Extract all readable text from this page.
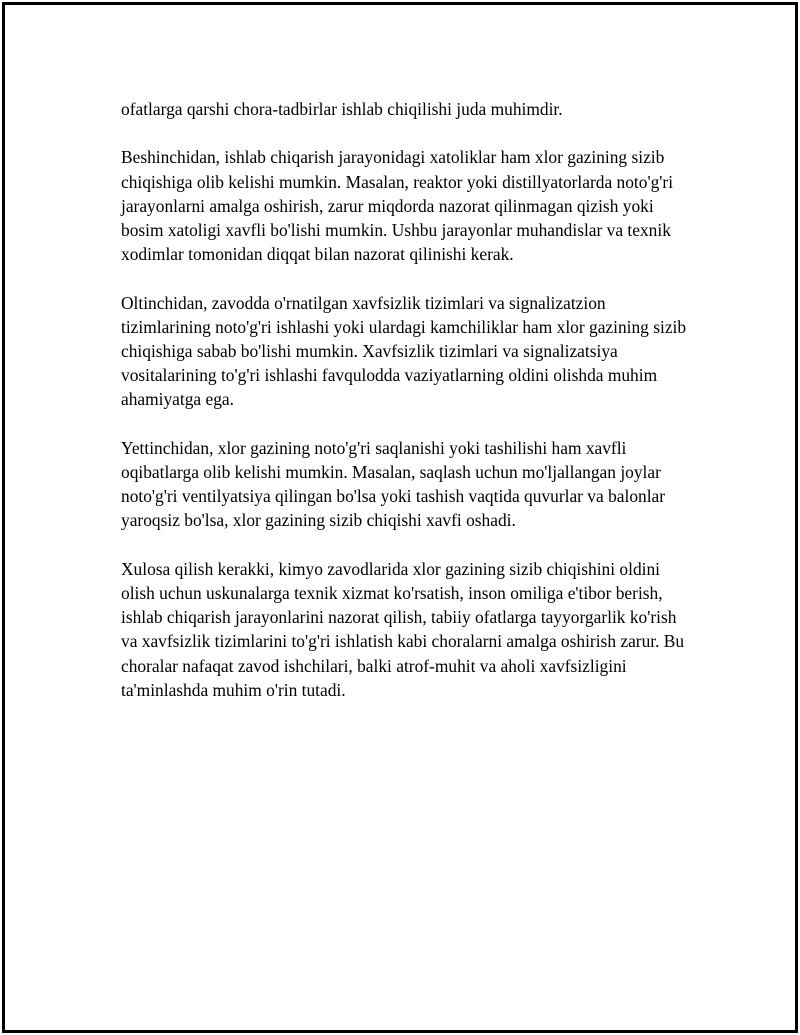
ofatlarga qarshi chora-tadbirlar ishlab chiqilishi juda muhimdir.

Beshinchidan, ishlab chiqarish jarayonidagi xatoliklar ham xlor gazining sizib chiqishiga olib kelishi mumkin. Masalan, reaktor yoki distillyatorlarda noto'g'ri jarayonlarni amalga oshirish, zarur miqdorda nazorat qilinmagan qizish yoki bosim xatoligi xavfli bo'lishi mumkin. Ushbu jarayonlar muhandislar va texnik xodimlar tomonidan diqqat bilan nazorat qilinishi kerak.

Oltinchidan, zavodda o'rnatilgan xavfsizlik tizimlari va signalizatzion tizimlarining noto'g'ri ishlashi yoki ulardagi kamchiliklar ham xlor gazining sizib chiqishiga sabab bo'lishi mumkin. Xavfsizlik tizimlari va signalizatsiya vositalarining to'g'ri ishlashi favqulodda vaziyatlarning oldini olishda muhim ahamiyatga ega.

Yettinchidan, xlor gazining noto'g'ri saqlanishi yoki tashilishi ham xavfli oqibatlarga olib kelishi mumkin. Masalan, saqlash uchun mo'ljallangan joylar noto'g'ri ventilyatsiya qilingan bo'lsa yoki tashish vaqtida quvurlar va balonlar yaroqsiz bo'lsa, xlor gazining sizib chiqishi xavfi oshadi.

Xulosa qilish kerakki, kimyo zavodlarida xlor gazining sizib chiqishini oldini olish uchun uskunalarga texnik xizmat ko'rsatish, inson omiliga e'tibor berish, ishlab chiqarish jarayonlarini nazorat qilish, tabiiy ofatlarga tayyorgarlik ko'rish va xavfsizlik tizimlarini to'g'ri ishlatish kabi choralarni amalga oshirish zarur. Bu choralar nafaqat zavod ishchilari, balki atrof-muhit va aholi xavfsizligini ta'minlashda muhim o'rin tutadi.
